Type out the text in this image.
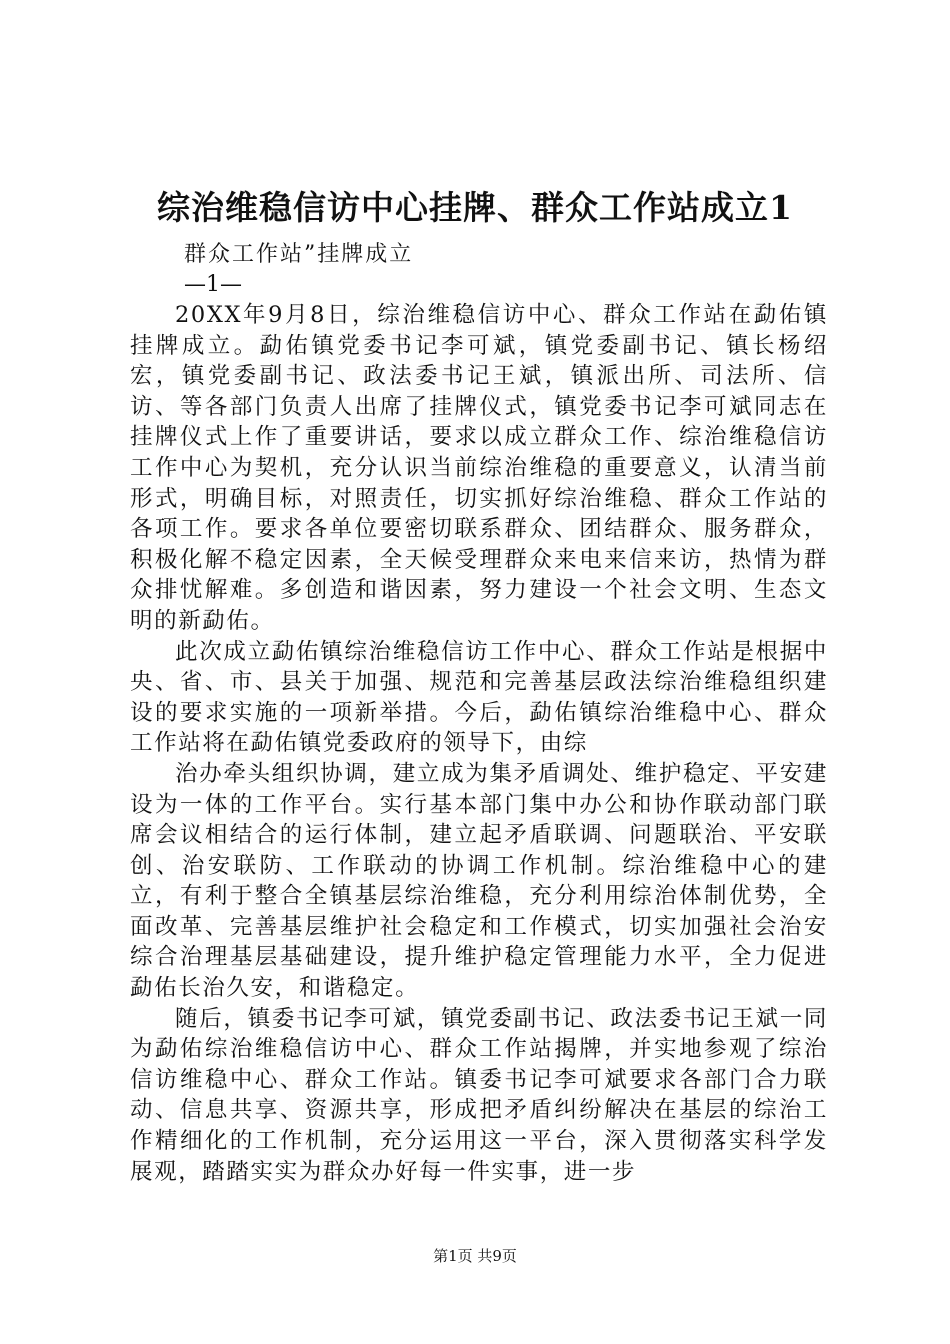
综治维稳信访中心挂牌、群众工作站成立1

群众工作站”挂牌成立

—1—

20XX年9月8日，综治维稳信访中心、群众工作站在勐佑镇挂牌成立。勐佑镇党委书记李可斌，镇党委副书记、镇长杨绍宏，镇党委副书记、政法委书记王斌，镇派出所、司法所、信访、等各部门负责人出席了挂牌仪式，镇党委书记李可斌同志在挂牌仪式上作了重要讲话，要求以成立群众工作、综治维稳信访工作中心为契机，充分认识当前综治维稳的重要意义，认清当前形式，明确目标，对照责任，切实抓好综治维稳、群众工作站的各项工作。要求各单位要密切联系群众、团结群众、服务群众，积极化解不稳定因素，全天候受理群众来电来信来访，热情为群众排忧解难。多创造和谐因素，努力建设一个社会文明、生态文明的新勐佑。

此次成立勐佑镇综治维稳信访工作中心、群众工作站是根据中央、省、市、县关于加强、规范和完善基层政法综治维稳组织建设的要求实施的一项新举措。今后，勐佑镇综治维稳中心、群众工作站将在勐佑镇党委政府的领导下，由综

治办牵头组织协调，建立成为集矛盾调处、维护稳定、平安建设为一体的工作平台。实行基本部门集中办公和协作联动部门联席会议相结合的运行体制，建立起矛盾联调、问题联治、平安联创、治安联防、工作联动的协调工作机制。综治维稳中心的建立，有利于整合全镇基层综治维稳，充分利用综治体制优势，全面改革、完善基层维护社会稳定和工作模式，切实加强社会治安综合治理基层基础建设，提升维护稳定管理能力水平，全力促进勐佑长治久安，和谐稳定。

随后，镇委书记李可斌，镇党委副书记、政法委书记王斌一同为勐佑综治维稳信访中心、群众工作站揭牌，并实地参观了综治信访维稳中心、群众工作站。镇委书记李可斌要求各部门合力联动、信息共享、资源共享，形成把矛盾纠纷解决在基层的综治工作精细化的工作机制，充分运用这一平台，深入贯彻落实科学发展观，踏踏实实为群众办好每一件实事，进一步

第1页 共9页
